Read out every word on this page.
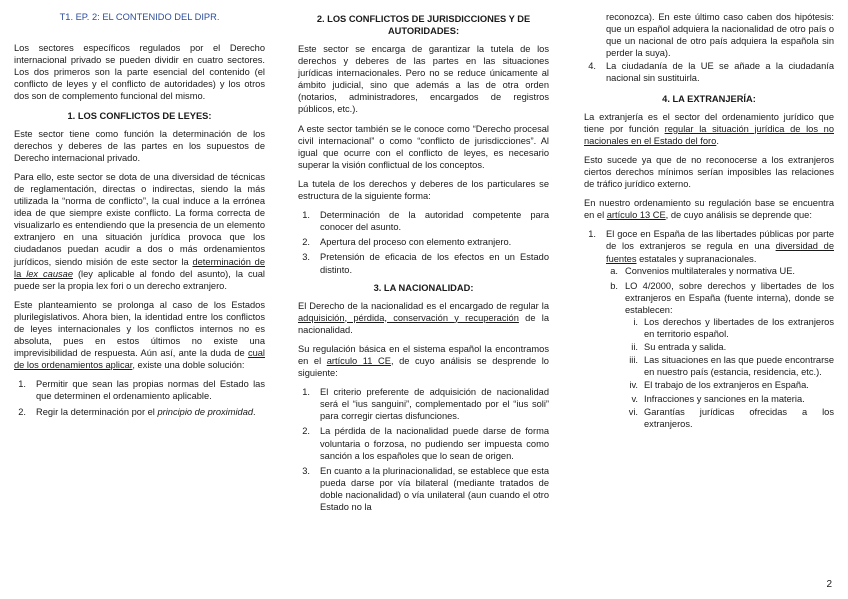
T1. EP. 2: EL CONTENIDO DEL DIPR.

Los sectores específicos regulados por el Derecho internacional privado se pueden dividir en cuatro sectores. Los dos primeros son la parte esencial del contenido (el conflicto de leyes y el conflicto de autoridades) y los otros dos son de complemento funcional del mismo.

1. LOS CONFLICTOS DE LEYES:

Este sector tiene como función la determinación de los derechos y deberes de las partes en los supuestos de Derecho internacional privado.

Para ello, este sector se dota de una diversidad de técnicas de reglamentación, directas o indirectas, siendo la más utilizada la “norma de conflicto”, la cual induce a la errónea idea de que siempre existe conflicto. La forma correcta de visualizarlo es entendiendo que la presencia de un elemento extranjero en una situación jurídica provoca que los ciudadanos puedan acudir a dos o más ordenamientos jurídicos, siendo misión de este sector la determinación de la lex causae (ley aplicable al fondo del asunto), la cual puede ser la propia lex fori o un derecho extranjero.

Este planteamiento se prolonga al caso de los Estados plurilegislativos. Ahora bien, la identidad entre los conflictos de leyes internacionales y los conflictos internos no es absoluta, pues en estos últimos no existe una imprevisibilidad de respuesta. Aún así, ante la duda de cual de los ordenamientos aplicar, existe una doble solución:

1. Permitir que sean las propias normas del Estado las que determinen el ordenamiento aplicable.
2. Regir la determinación por el principio de proximidad.
2. LOS CONFLICTOS DE JURISDICCIONES Y DE AUTORIDADES:

Este sector se encarga de garantizar la tutela de los derechos y deberes de las partes en las situaciones jurídicas internacionales. Pero no se reduce únicamente al ámbito judicial, sino que además a las de otra orden (notarios, administradores, encargados de registros públicos, etc.).

A este sector también se le conoce como “Derecho procesal civil internacional” o como “conflicto de jurisdicciones”. Al igual que ocurre con el conflicto de leyes, es necesario superar la visión conflictual de los conceptos.

La tutela de los derechos y deberes de los particulares se estructura de la siguiente forma:

1. Determinación de la autoridad competente para conocer del asunto.
2. Apertura del proceso con elemento extranjero.
3. Pretensión de eficacia de los efectos en un Estado distinto.
3. LA NACIONALIDAD:

El Derecho de la nacionalidad es el encargado de regular la adquisición, pérdida, conservación y recuperación de la nacionalidad.

Su regulación básica en el sistema español la encontramos en el artículo 11 CE, de cuyo análisis se desprende lo siguiente:

1. El criterio preferente de adquisición de nacionalidad será el “ius sanguini”, complementado por el “ius soli” para corregir ciertas disfunciones.
2. La pérdida de la nacionalidad puede darse de forma voluntaria o forzosa, no pudiendo ser impuesta como sanción a los españoles que lo sean de origen.
3. En cuanto a la plurinacionalidad, se establece que esta pueda darse por vía bilateral (mediante tratados de doble nacionalidad) o vía unilateral (aun cuando el otro Estado no la
reconozca). En este último caso caben dos hipótesis: que un español adquiera la nacionalidad de otro país o que un nacional de otro país adquiera la española sin perder la suya).
4. La ciudadanía de la UE se añade a la ciudadanía nacional sin sustituirla.
4. LA EXTRANJERÍA:

La extranjería es el sector del ordenamiento jurídico que tiene por función regular la situación jurídica de los no nacionales en el Estado del foro.

Esto sucede ya que de no reconocerse a los extranjeros ciertos derechos mínimos serían imposibles las relaciones de tráfico jurídico externo.

En nuestro ordenamiento su regulación base se encuentra en el artículo 13 CE, de cuyo análisis se deprende que:

1. El goce en España de las libertades públicas por parte de los extranjeros se regula en una diversidad de fuentes estatales y supranacionales.
a. Convenios multilaterales y normativa UE.
b. LO 4/2000, sobre derechos y libertades de los extranjeros en España (fuente interna), donde se establecen:
i. Los derechos y libertades de los extranjeros en territorio español.
ii. Su entrada y salida.
iii. Las situaciones en las que puede encontrarse en nuestro país (estancia, residencia, etc.).
iv. El trabajo de los extranjeros en España.
v. Infracciones y sanciones en la materia.
vi. Garantías jurídicas ofrecidas a los extranjeros.
2
